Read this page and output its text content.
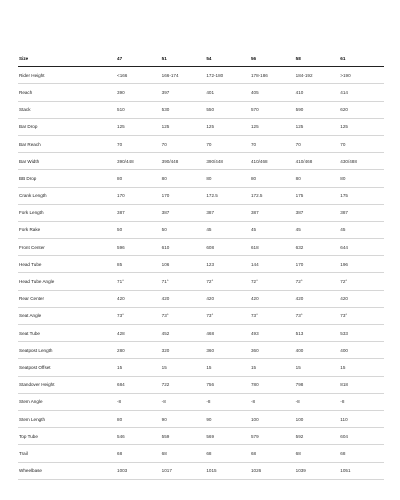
Size	47	51	54	56	58	61
Rider Height	<166	166-174	172-180	178-186	184-192	>190
Reach	390	397	401	405	410	414
Stack	510	530	550	570	590	620
Bar Drop	125	125	125	125	125	125
Bar Reach	70	70	70	70	70	70
Bar Width	390/448	390/448	390/448	410/468	410/468	430/488
BB Drop	80	80	80	80	80	80
Crank Length	170	170	172.5	172.5	175	175
Fork Length	387	387	387	387	387	387
Fork Rake	50	50	45	45	45	45
Front Center	596	610	608	618	632	644
Head Tube	85	106	123	144	170	196
Head Tube Angle	71°	71°	72°	72°	72°	72°
Rear Center	420	420	420	420	420	420
Seat Angle	73°	73°	73°	73°	73°	73°
Seat Tube	428	452	468	493	513	533
Seatpost Length	280	320	360	360	400	400
Seatpost Offset	15	15	15	15	15	15
Standover Height	684	722	756	780	798	818
Stem Angle	-8	-8	-8	-8	-8	-8
Stem Length	80	90	90	100	100	110
Top Tube	546	559	569	579	592	604
Trail	68	68	68	68	68	68
Wheelbase	1003	1017	1015	1026	1039	1051
